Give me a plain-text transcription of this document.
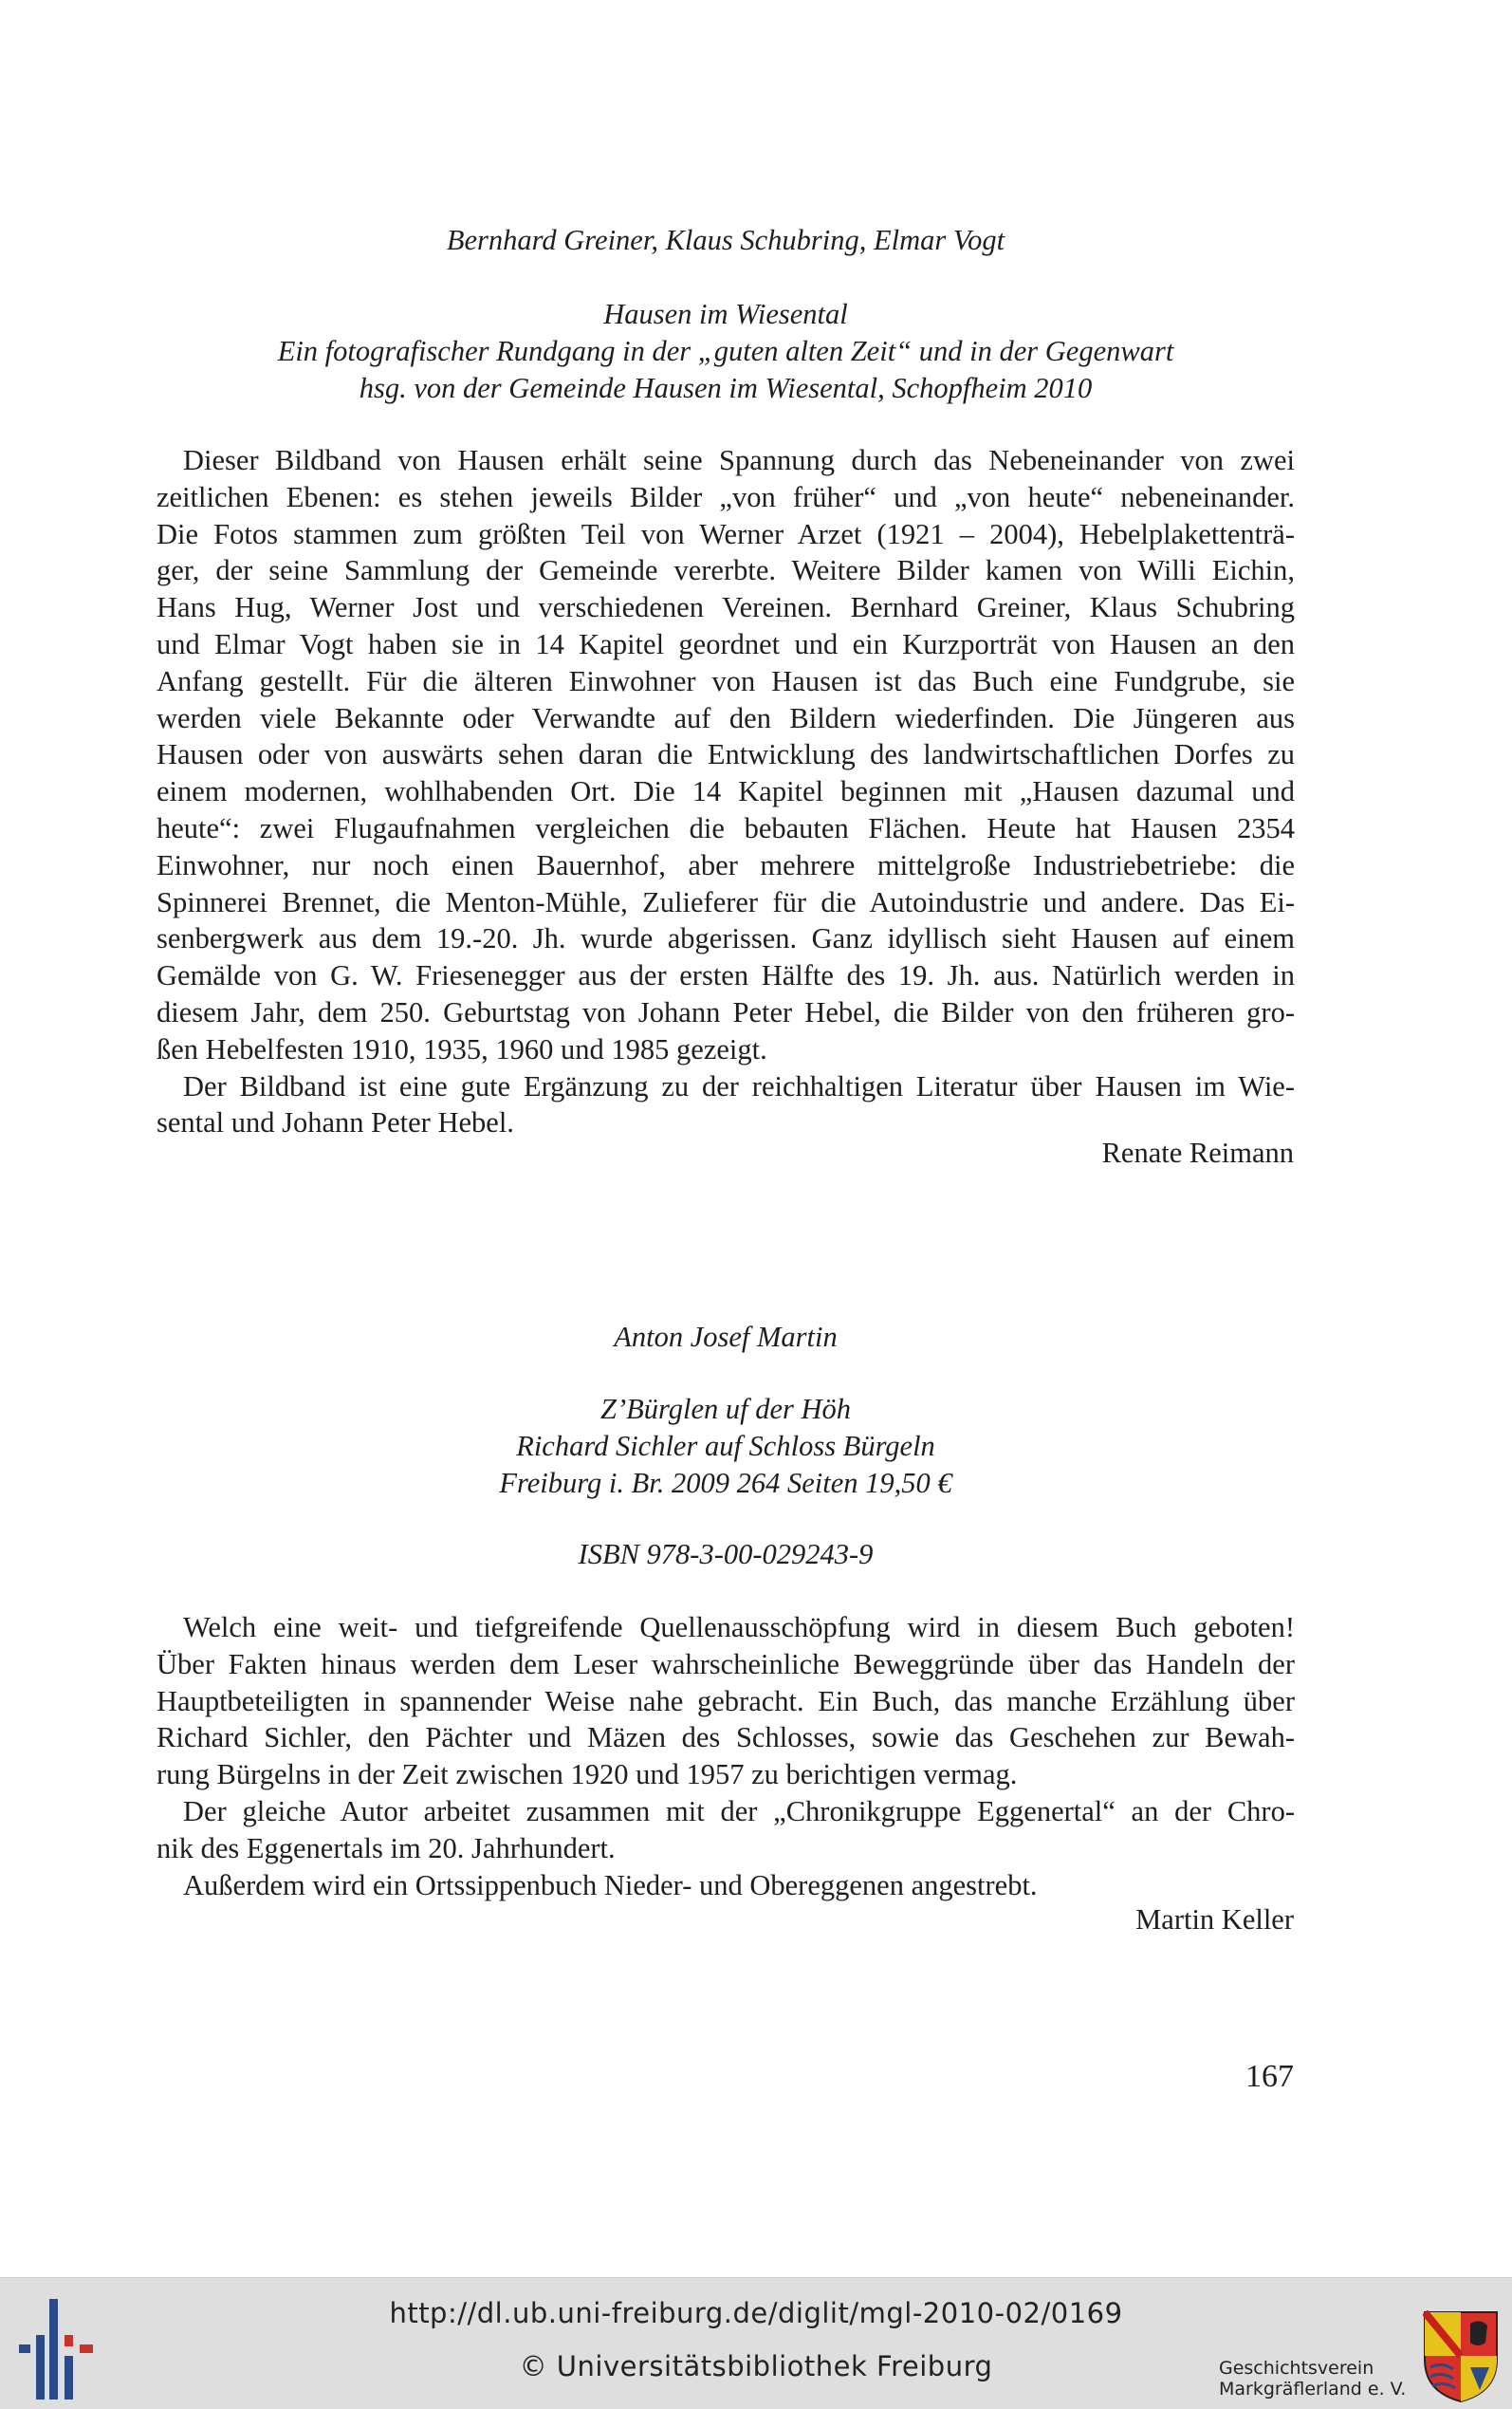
Bernhard Greiner, Klaus Schubring, Elmar Vogt
Hausen im Wiesental
Ein fotografischer Rundgang in der „guten alten Zeit“ und in der Gegenwart
hsg. von der Gemeinde Hausen im Wiesental, Schopfheim 2010
Dieser Bildband von Hausen erhält seine Spannung durch das Nebeneinander von zwei
zeitlichen Ebenen: es stehen jeweils Bilder „von früher“ und „von heute“ nebeneinander.
Die Fotos stammen zum größten Teil von Werner Arzet (1921 – 2004), Hebelplakettenträ-
ger, der seine Sammlung der Gemeinde vererbte. Weitere Bilder kamen von Willi Eichin,
Hans Hug, Werner Jost und verschiedenen Vereinen. Bernhard Greiner, Klaus Schubring
und Elmar Vogt haben sie in 14 Kapitel geordnet und ein Kurzporträt von Hausen an den
Anfang gestellt. Für die älteren Einwohner von Hausen ist das Buch eine Fundgrube, sie
werden viele Bekannte oder Verwandte auf den Bildern wiederfinden. Die Jüngeren aus
Hausen oder von auswärts sehen daran die Entwicklung des landwirtschaftlichen Dorfes zu
einem modernen, wohlhabenden Ort. Die 14 Kapitel beginnen mit „Hausen dazumal und
heute“: zwei Flugaufnahmen vergleichen die bebauten Flächen. Heute hat Hausen 2354
Einwohner, nur noch einen Bauernhof, aber mehrere mittelgroße Industriebetriebe: die
Spinnerei Brennet, die Menton-Mühle, Zulieferer für die Autoindustrie und andere. Das Ei-
senbergwerk aus dem 19.-20. Jh. wurde abgerissen. Ganz idyllisch sieht Hausen auf einem
Gemälde von G. W. Friesenegger aus der ersten Hälfte des 19. Jh. aus. Natürlich werden in
diesem Jahr, dem 250. Geburtstag von Johann Peter Hebel, die Bilder von den früheren gro-
ßen Hebelfesten 1910, 1935, 1960 und 1985 gezeigt.
Der Bildband ist eine gute Ergänzung zu der reichhaltigen Literatur über Hausen im Wie-
sental und Johann Peter Hebel.
Renate Reimann
Anton Josef Martin
Z’Bürglen uf der Höh
Richard Sichler auf Schloss Bürgeln
Freiburg i. Br. 2009 264 Seiten 19,50 €
ISBN 978-3-00-029243-9
Welch eine weit- und tiefgreifende Quellenausschöpfung wird in diesem Buch geboten!
Über Fakten hinaus werden dem Leser wahrscheinliche Beweggründe über das Handeln der
Hauptbeteiligten in spannender Weise nahe gebracht. Ein Buch, das manche Erzählung über
Richard Sichler, den Pächter und Mäzen des Schlosses, sowie das Geschehen zur Bewah-
rung Bürgelns in der Zeit zwischen 1920 und 1957 zu berichtigen vermag.
Der gleiche Autor arbeitet zusammen mit der „Chronikgruppe Eggenertal“ an der Chro-
nik des Eggenertals im 20. Jahrhundert.
Außerdem wird ein Ortssippenbuch Nieder- und Obereggenen angestrebt.
Martin Keller
167
http://dl.ub.uni-freiburg.de/diglit/mgl-2010-02/0169
© Universitätsbibliothek Freiburg	Geschichtsverein
Markgräflerland e. V.
